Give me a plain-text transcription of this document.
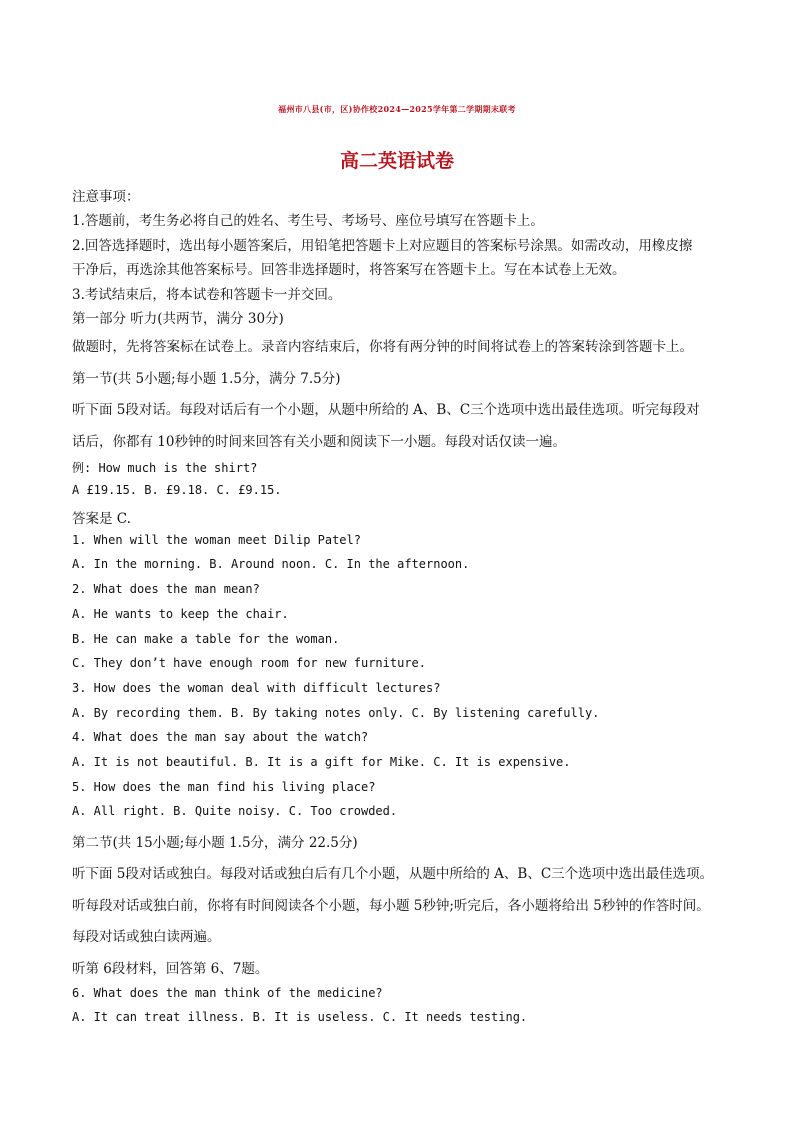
福州市八县(市，区)协作校2024—2025学年第二学期期末联考
高二英语试卷
注意事项：
1.答题前，考生务必将自己的姓名、考生号、考场号、座位号填写在答题卡上。
2.回答选择题时，选出每小题答案后，用铅笔把答题卡上对应题目的答案标号涂黑。如需改动，用橡皮擦
干净后，再选涂其他答案标号。回答非选择题时，将答案写在答题卡上。写在本试卷上无效。
3.考试结束后，将本试卷和答题卡一并交回。
第一部分 听力(共两节，满分 30分)
做题时，先将答案标在试卷上。录音内容结束后，你将有两分钟的时间将试卷上的答案转涂到答题卡上。
第一节(共 5小题;每小题 1.5分，满分 7.5分)
听下面 5段对话。每段对话后有一个小题，从题中所给的 A、B、C三个选项中选出最佳选项。听完每段对
话后，你都有 10秒钟的时间来回答有关小题和阅读下一小题。每段对话仅读一遍。
例: How much is the shirt?
A £19.15. B. £9.18. C. £9.15.
答案是 C.
1. When will the woman meet Dilip Patel?
A. In the morning. B. Around noon. C. In the afternoon.
2. What does the man mean?
A. He wants to keep the chair.
B. He can make a table for the woman.
C. They don’t have enough room for new furniture.
3. How does the woman deal with difficult lectures?
A. By recording them. B. By taking notes only. C. By listening carefully.
4. What does the man say about the watch?
A. It is not beautiful. B. It is a gift for Mike. C. It is expensive.
5. How does the man find his living place?
A. All right. B. Quite noisy. C. Too crowded.
第二节(共 15小题;每小题 1.5分，满分 22.5分)
听下面 5段对话或独白。每段对话或独白后有几个小题，从题中所给的 A、B、C三个选项中选出最佳选项。
听每段对话或独白前，你将有时间阅读各个小题，每小题 5秒钟;听完后，各小题将给出 5秒钟的作答时间。
每段对话或独白读两遍。
听第 6段材料，回答第 6、7题。
6. What does the man think of the medicine?
A. It can treat illness. B. It is useless. C. It needs testing.
